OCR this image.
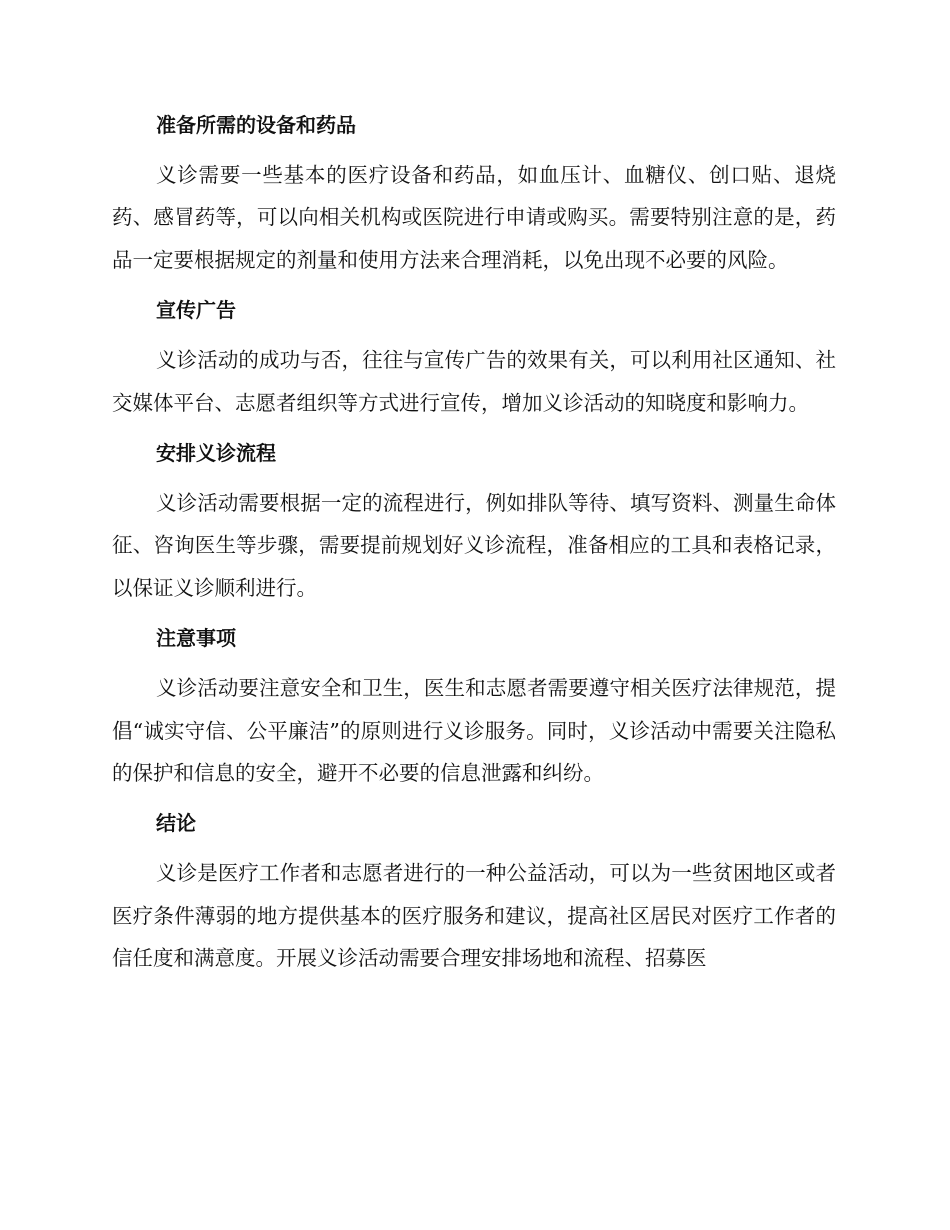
准备所需的设备和药品

义诊需要一些基本的医疗设备和药品，如血压计、血糖仪、创口贴、退烧药、感冒药等，可以向相关机构或医院进行申请或购买。需要特别注意的是，药品一定要根据规定的剂量和使用方法来合理消耗，以免出现不必要的风险。

宣传广告

义诊活动的成功与否，往往与宣传广告的效果有关，可以利用社区通知、社交媒体平台、志愿者组织等方式进行宣传，增加义诊活动的知晓度和影响力。

安排义诊流程

义诊活动需要根据一定的流程进行，例如排队等待、填写资料、测量生命体征、咨询医生等步骤，需要提前规划好义诊流程，准备相应的工具和表格记录，以保证义诊顺利进行。

注意事项

义诊活动要注意安全和卫生，医生和志愿者需要遵守相关医疗法律规范，提倡“诚实守信、公平廉洁”的原则进行义诊服务。同时，义诊活动中需要关注隐私的保护和信息的安全，避开不必要的信息泄露和纠纷。

结论

义诊是医疗工作者和志愿者进行的一种公益活动，可以为一些贫困地区或者医疗条件薄弱的地方提供基本的医疗服务和建议，提高社区居民对医疗工作者的信任度和满意度。开展义诊活动需要合理安排场地和流程、招募医
